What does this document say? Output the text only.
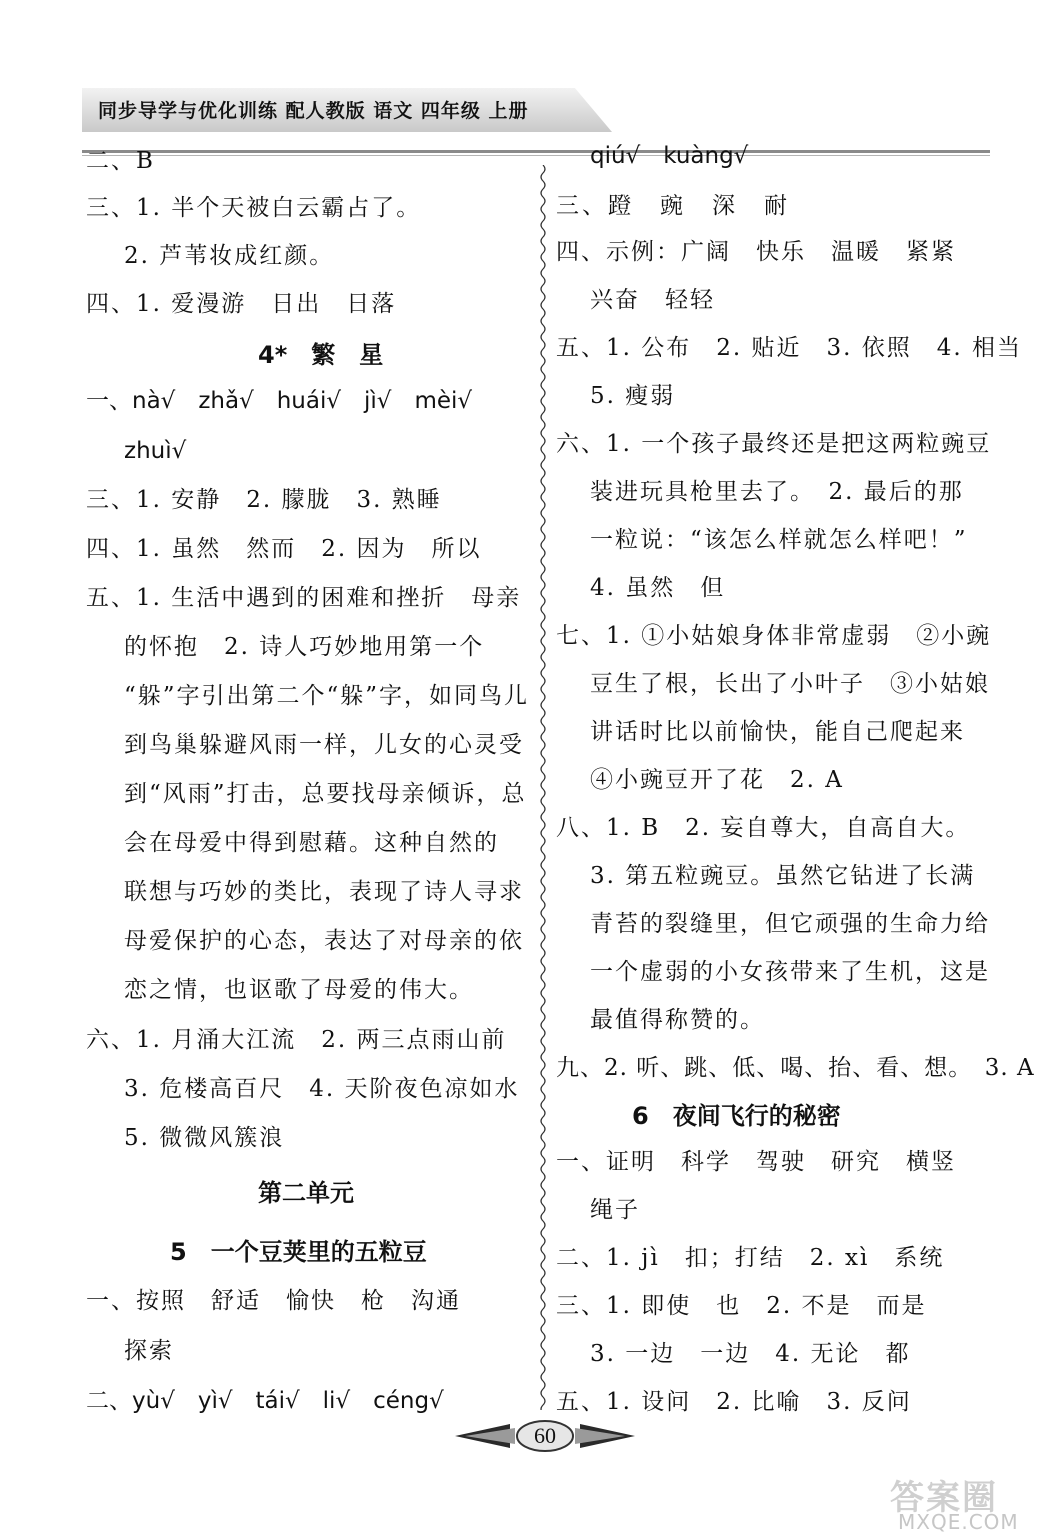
同步导学与优化训练 配人教版 语文 四年级 上册
二、B
三、1. 半个天被白云霸占了。
2. 芦苇妆成红颜。
四、1. 爱漫游　日出　日落
4*　繁　星
一、nà√　zhǎ√　huái√　jì√　mèi√
zhuì√
三、1. 安静　2. 朦胧　3. 熟睡
四、1. 虽然　然而　2. 因为　所以
五、1. 生活中遇到的困难和挫折　母亲
的怀抱　2. 诗人巧妙地用第一个
“躲”字引出第二个“躲”字，如同鸟儿
到鸟巢躲避风雨一样，儿女的心灵受
到“风雨”打击，总要找母亲倾诉，总
会在母爱中得到慰藉。这种自然的
联想与巧妙的类比，表现了诗人寻求
母爱保护的心态，表达了对母亲的依
恋之情，也讴歌了母爱的伟大。
六、1. 月涌大江流　2. 两三点雨山前
3. 危楼高百尺　4. 天阶夜色凉如水
5. 微微风簇浪
第二单元
5　一个豆荚里的五粒豆
一、按照　舒适　愉快　枪　沟通
探索
二、yù√　yì√　tái√　li√　céng√
qiú√　kuàng√
三、蹬　豌　深　耐
四、示例：广阔　快乐　温暖　紧紧
兴奋　轻轻
五、1. 公布　2. 贴近　3. 依照　4. 相当
5. 瘦弱
六、1. 一个孩子最终还是把这两粒豌豆
装进玩具枪里去了。　2. 最后的那
一粒说：“该怎么样就怎么样吧！”
4. 虽然　但
七、1. ①小姑娘身体非常虚弱　②小豌
豆生了根，长出了小叶子　③小姑娘
讲话时比以前愉快，能自己爬起来
④小豌豆开了花　2. A
八、1. B　2. 妄自尊大，自高自大。
3. 第五粒豌豆。虽然它钻进了长满
青苔的裂缝里，但它顽强的生命力给
一个虚弱的小女孩带来了生机，这是
最值得称赞的。
九、2. 听、跳、低、喝、抬、看、想。　3. A
6　夜间飞行的秘密
一、证明　科学　驾驶　研究　横竖
绳子
二、1. jì　扣；打结　2. xì　系统
三、1. 即使　也　2. 不是　而是
3. 一边　一边　4. 无论　都
五、1. 设问　2. 比喻　3. 反问
60
答案圈
MXQE.COM
